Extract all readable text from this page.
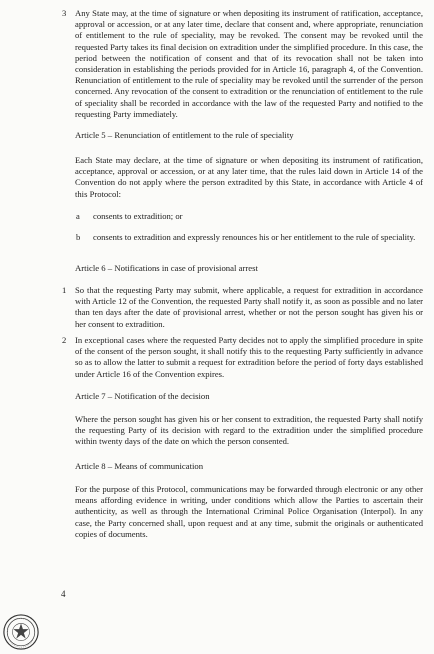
3 Any State may, at the time of signature or when depositing its instrument of ratification, acceptance, approval or accession, or at any later time, declare that consent and, where appropriate, renunciation of entitlement to the rule of speciality, may be revoked. The consent may be revoked until the requested Party takes its final decision on extradition under the simplified procedure. In this case, the period between the notification of consent and that of its revocation shall not be taken into consideration in establishing the periods provided for in Article 16, paragraph 4, of the Convention. Renunciation of entitlement to the rule of speciality may be revoked until the surrender of the person concerned. Any revocation of the consent to extradition or the renunciation of entitlement to the rule of speciality shall be recorded in accordance with the law of the requested Party and notified to the requesting Party immediately.

Article 5 – Renunciation of entitlement to the rule of speciality

Each State may declare, at the time of signature or when depositing its instrument of ratification, acceptance, approval or accession, or at any later time, that the rules laid down in Article 14 of the Convention do not apply where the person extradited by this State, in accordance with Article 4 of this Protocol:

a consents to extradition; or

b consents to extradition and expressly renounces his or her entitlement to the rule of speciality.

Article 6 – Notifications in case of provisional arrest
1 So that the requesting Party may submit, where applicable, a request for extradition in accordance with Article 12 of the Convention, the requested Party shall notify it, as soon as possible and no later than ten days after the date of provisional arrest, whether or not the person sought has given his or her consent to extradition.

2 In exceptional cases where the requested Party decides not to apply the simplified procedure in spite of the consent of the person sought, it shall notify this to the requesting Party sufficiently in advance so as to allow the latter to submit a request for extradition before the period of forty days established under Article 16 of the Convention expires.

Article 7 – Notification of the decision

Where the person sought has given his or her consent to extradition, the requested Party shall notify the requesting Party of its decision with regard to the extradition under the simplified procedure within twenty days of the date on which the person consented.

Article 8 – Means of communication

For the purpose of this Protocol, communications may be forwarded through electronic or any other means affording evidence in writing, under conditions which allow the Parties to ascertain their authenticity, as well as through the International Criminal Police Organisation (Interpol). In any case, the Party concerned shall, upon request and at any time, submit the originals or authenticated copies of documents.

4
